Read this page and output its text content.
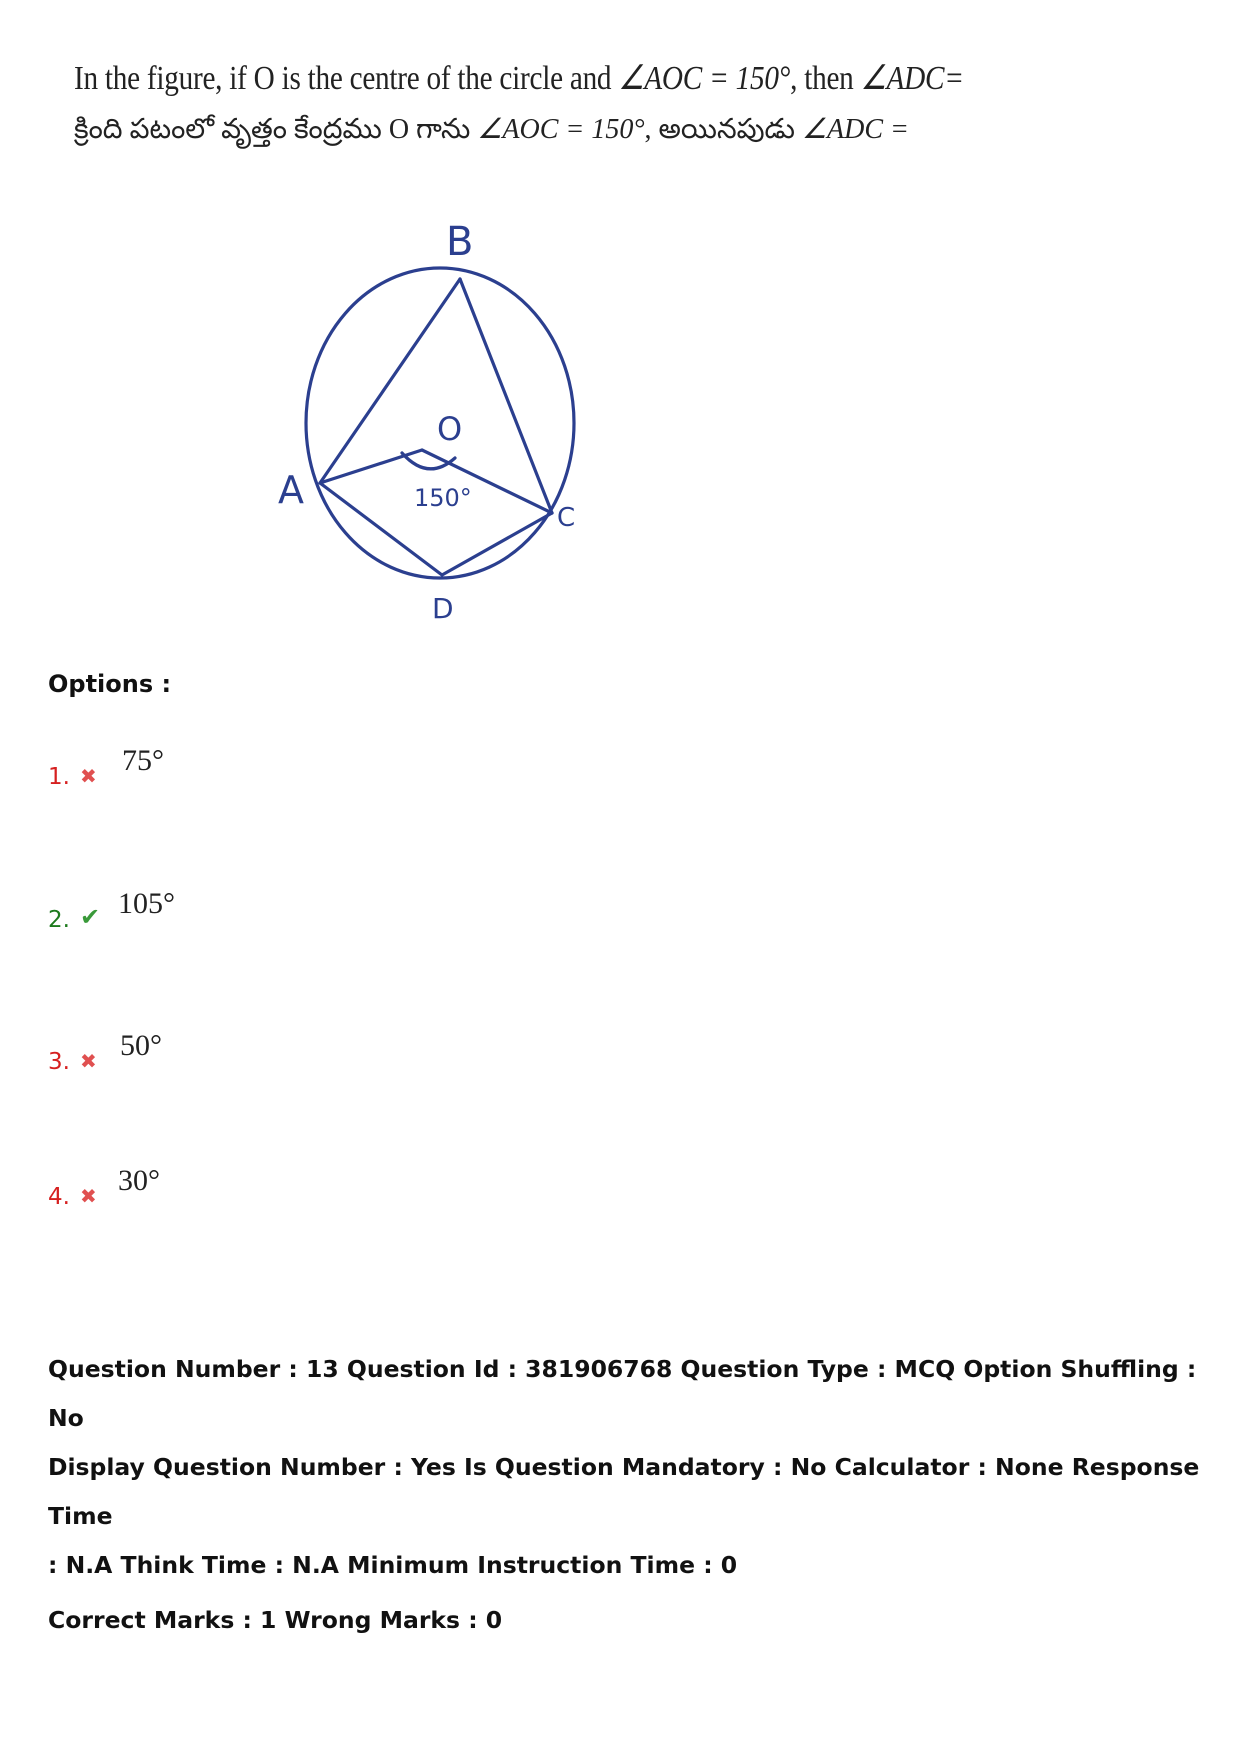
In the figure, if O is the centre of the circle and ∠AOC = 150°, then ∠ADC=
క్రింది పటంలో వృత్తం కేంద్రము O గాను ∠AOC = 150°, అయినపుడు ∠ADC =
B
O
A
C
D
150°
Options :
1. ✖ 75°
2. ✔ 105°
3. ✖ 50°
4. ✖ 30°

Question Number : 13 Question Id : 381906768 Question Type : MCQ Option Shuffling : No

Display Question Number : Yes Is Question Mandatory : No Calculator : None Response Time

: N.A Think Time : N.A Minimum Instruction Time : 0

Correct Marks : 1 Wrong Marks : 0
